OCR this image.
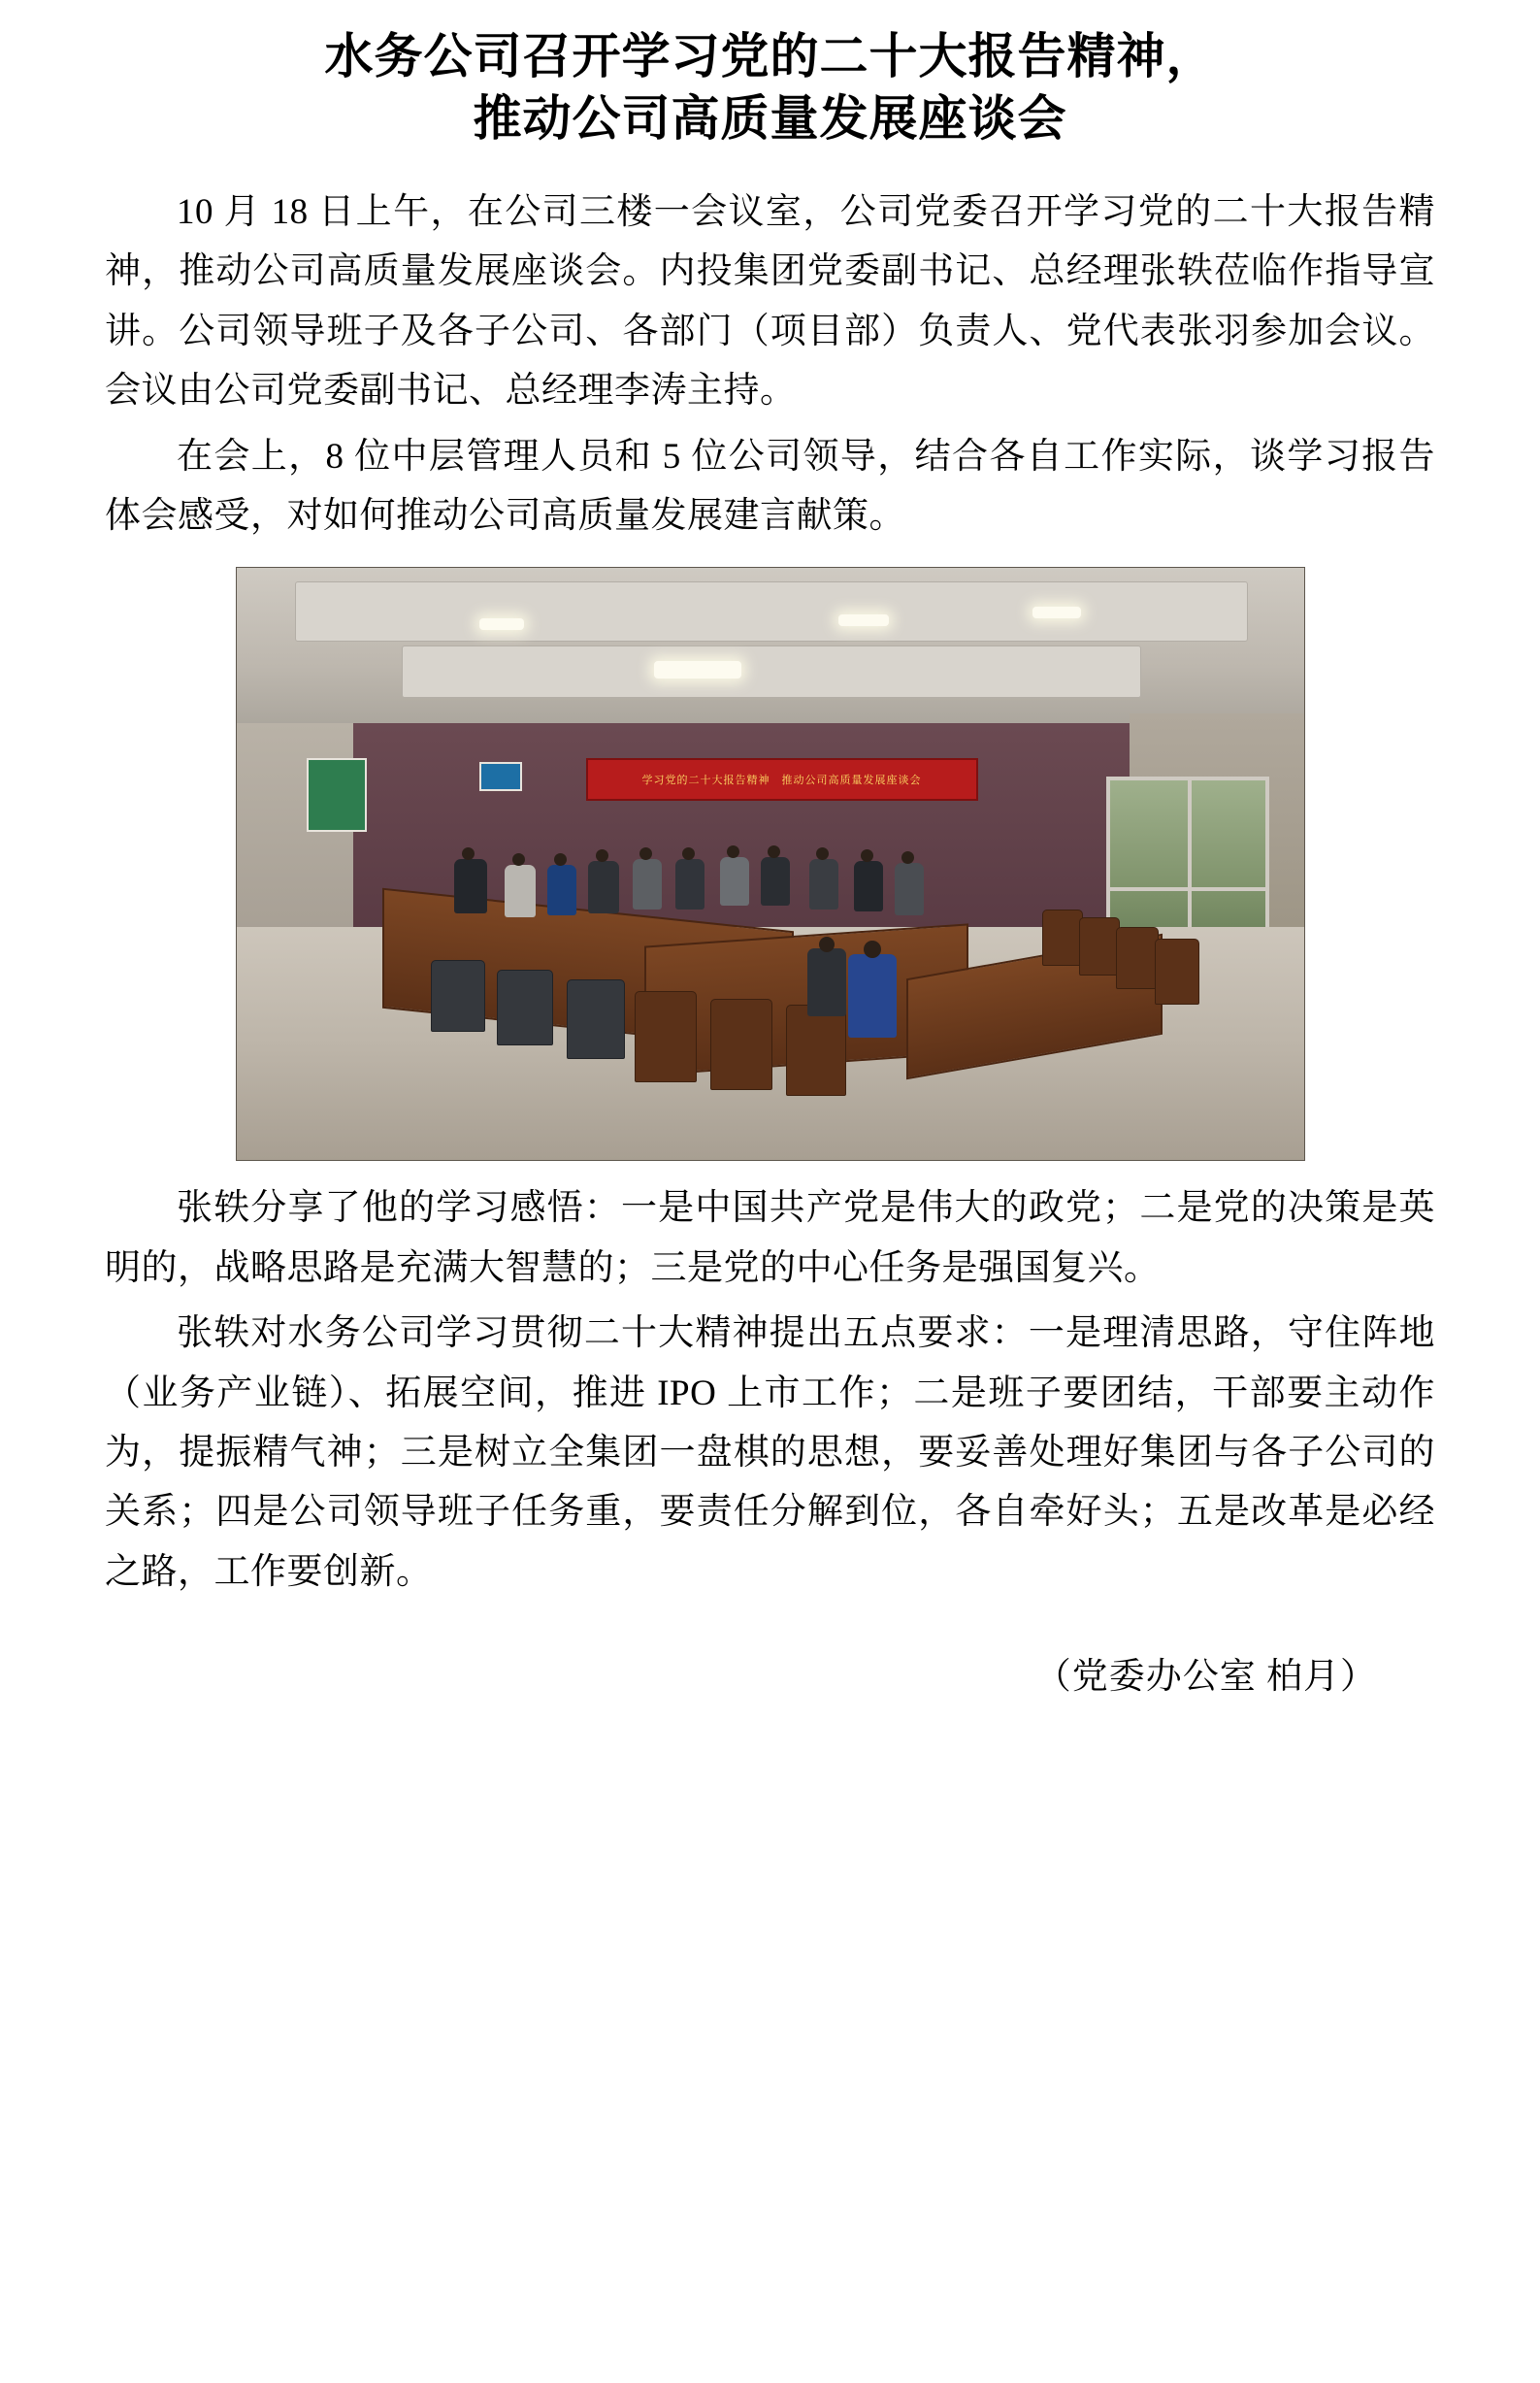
水务公司召开学习党的二十大报告精神，
推动公司高质量发展座谈会

10 月 18 日上午，在公司三楼一会议室，公司党委召开学习党的二十大报告精神，推动公司高质量发展座谈会。内投集团党委副书记、总经理张轶莅临作指导宣讲。公司领导班子及各子公司、各部门（项目部）负责人、党代表张羽参加会议。会议由公司党委副书记、总经理李涛主持。

在会上，8 位中层管理人员和 5 位公司领导，结合各自工作实际，谈学习报告体会感受，对如何推动公司高质量发展建言献策。

学习党的二十大报告精神　推动公司高质量发展座谈会

张轶分享了他的学习感悟：一是中国共产党是伟大的政党；二是党的决策是英明的，战略思路是充满大智慧的；三是党的中心任务是强国复兴。

张轶对水务公司学习贯彻二十大精神提出五点要求：一是理清思路，守住阵地（业务产业链）、拓展空间，推进 IPO 上市工作；二是班子要团结，干部要主动作为，提振精气神；三是树立全集团一盘棋的思想，要妥善处理好集团与各子公司的关系；四是公司领导班子任务重，要责任分解到位，各自牵好头；五是改革是必经之路，工作要创新。

（党委办公室 柏月）
